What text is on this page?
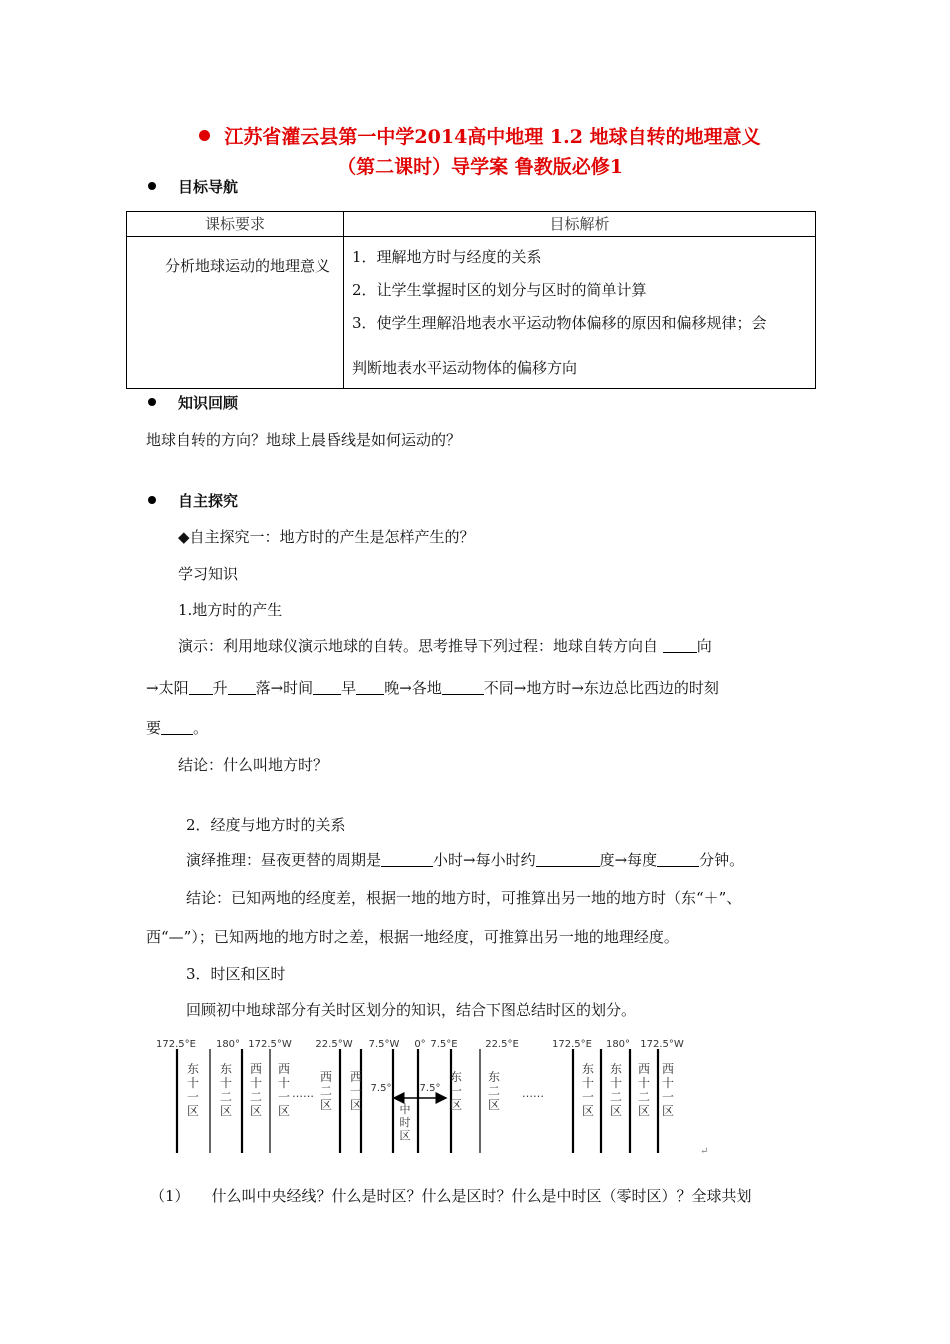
江苏省灌云县第一中学2014高中地理 1.2 地球自转的地理意义
（第二课时）导学案 鲁教版必修1
目标导航
课标要求	目标解析

分析地球运动的地理意义	1．理解地方时与经度的关系
2．让学生掌握时区的划分与区时的简单计算
3．使学生理解沿地表水平运动物体偏移的原因和偏移规律；会
判断地表水平运动物体的偏移方向
知识回顾
地球自转的方向？地球上晨昏线是如何运动的？
自主探究
◆自主探究一：地方时的产生是怎样产生的？
学习知识
1.地方时的产生
演示：利用地球仪演示地球的自转。思考推导下列过程：地球自转方向自	向
→太阳 升 落→时间 早 晚→各地	不同→地方时→东边总比西边的时刻
要 。
结论：什么叫地方时？
2．经度与地方时的关系
演绎推理：昼夜更替的周期是	小时→每小时约	度→每度	分钟。
结论：已知两地的经度差，根据一地的地方时，可推算出另一地的地方时（东“＋”、
西“—”）；已知两地的地方时之差，根据一地经度，可推算出另一地的地理经度。
3．时区和区时
回顾初中地球部分有关时区划分的知识，结合下图总结时区的划分。
172.5°E 180° 172.5°W 22.5°W 7.5°W 0° 7.5°E	22.5°E	172.5°E 180° 172.5°W
东
十
一
区
东
十
二
区
西
十
二
区
西
十
一
区
西
二
区
西
一
区
东
一
区
东
二
区
东
十
一
区
东
十
二
区
西
十
二
区
西
十
一
区
中
时
区
7.5°	7.5°
……	……
↵
（1） 什么叫中央经线？什么是时区？什么是区时？什么是中时区（零时区）？全球共划
